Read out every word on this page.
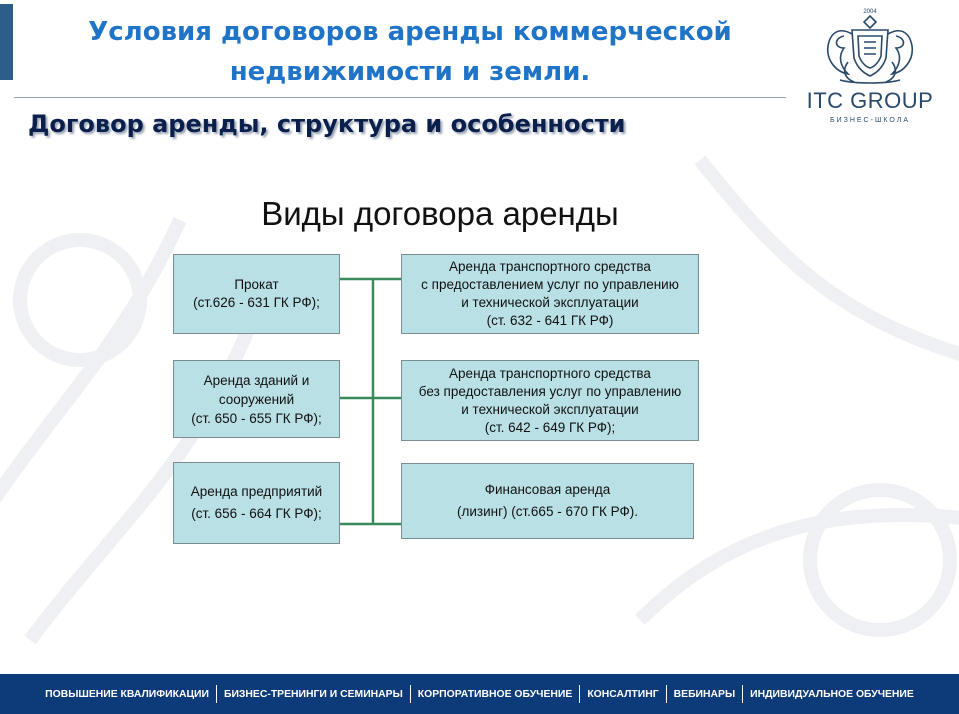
Условия договоров аренды коммерческой
недвижимости и земли.
2004
ITC GROUP
БИЗНЕС-ШКОЛА
Договор аренды, структура и особенности
Виды договора аренды
Прокат
(ст.626 - 631 ГК РФ);
Аренда зданий и
сооружений
(ст. 650 - 655 ГК РФ);
Аренда предприятий
(ст. 656 - 664 ГК РФ);
Аренда транспортного средства
с предоставлением услуг по управлению
и технической эксплуатации
(ст. 632 - 641 ГК РФ)
Аренда транспортного средства
без предоставления услуг по управлению
и технической эксплуатации
(ст. 642 - 649 ГК РФ);
Финансовая аренда
(лизинг) (ст.665 - 670 ГК РФ).
ПОВЫШЕНИЕ КВАЛИФИКАЦИИ	БИЗНЕС-ТРЕНИНГИ И СЕМИНАРЫ	КОРПОРАТИВНОЕ ОБУЧЕНИЕ	КОНСАЛТИНГ	ВЕБИНАРЫ	ИНДИВИДУАЛЬНОЕ ОБУЧЕНИЕ
